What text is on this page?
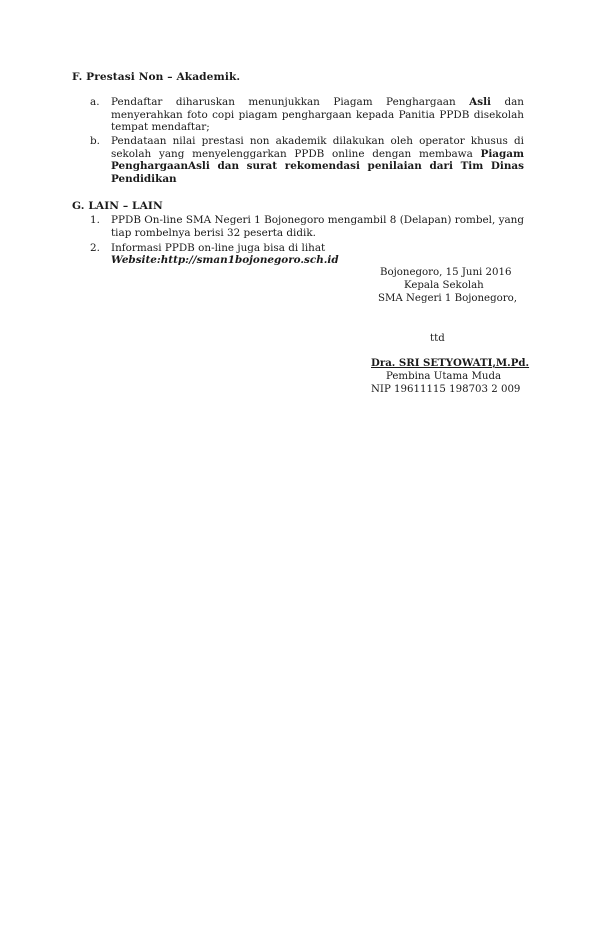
F. Prestasi Non – Akademik.
a. Pendaftar diharuskan menunjukkan Piagam Penghargaan Asli dan menyerahkan foto copi piagam penghargaan kepada Panitia PPDB disekolah tempat mendaftar;
b. Pendataan nilai prestasi non akademik dilakukan oleh operator khusus di sekolah yang menyelenggarkan PPDB online dengan membawa Piagam PenghargaanAsli dan surat rekomendasi penilaian dari Tim Dinas Pendidikan
G. LAIN – LAIN
1. PPDB On-line SMA Negeri 1 Bojonegoro mengambil 8 (Delapan) rombel, yang tiap rombelnya berisi 32 peserta didik.
2. Informasi PPDB on-line juga bisa di lihat
Website:http://sman1bojonegoro.sch.id
Bojonegoro, 15 Juni 2016
Kepala Sekolah
SMA Negeri 1 Bojonegoro,
ttd
Dra. SRI SETYOWATI,M.Pd.
Pembina Utama Muda
NIP 19611115 198703 2 009
